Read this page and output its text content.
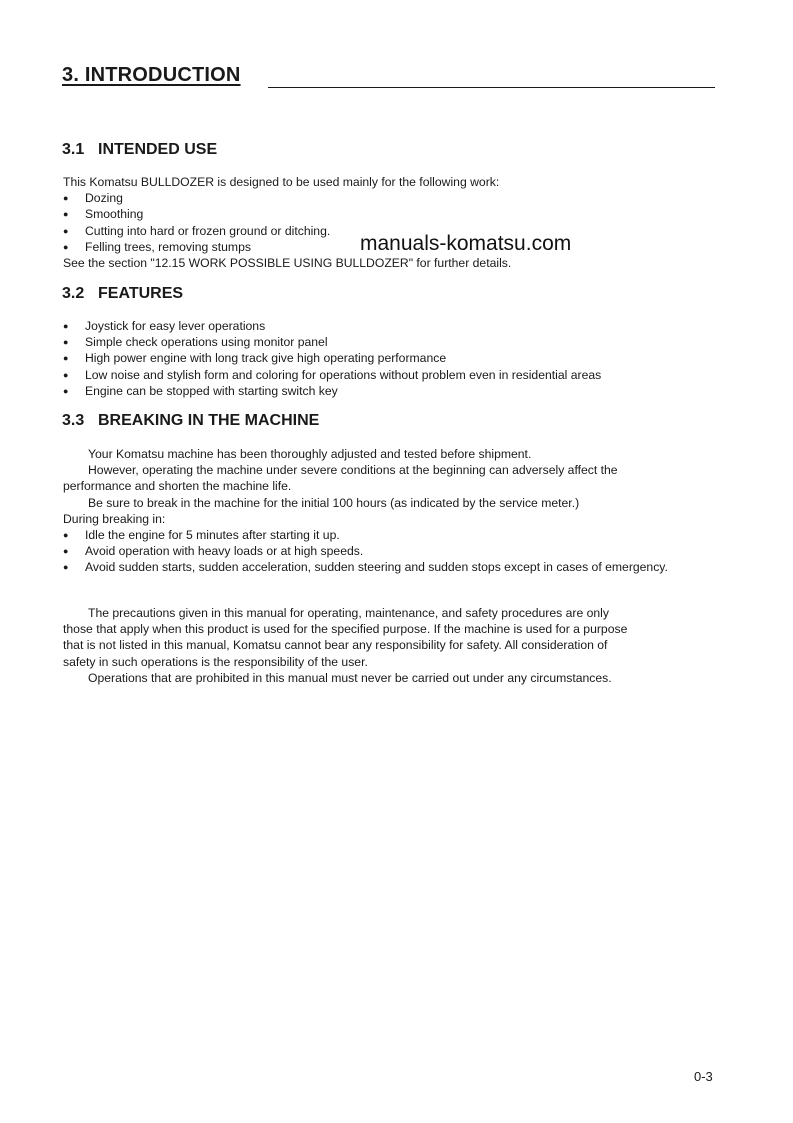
3. INTRODUCTION
3.1 INTENDED USE
This Komatsu BULLDOZER is designed to be used mainly for the following work:
●	Dozing
●	Smoothing
●	Cutting into hard or frozen ground or ditching.
●	Felling trees, removing stumps
See the section "12.15 WORK POSSIBLE USING BULLDOZER" for further details.
manuals-komatsu.com
3.2 FEATURES
●	Joystick for easy lever operations
●	Simple check operations using monitor panel
●	High power engine with long track give high operating performance
●	Low noise and stylish form and coloring for operations without problem even in residential areas
●	Engine can be stopped with starting switch key
3.3 BREAKING IN THE MACHINE
Your Komatsu machine has been thoroughly adjusted and tested before shipment.
However, operating the machine under severe conditions at the beginning can adversely affect the
performance and shorten the machine life.
Be sure to break in the machine for the initial 100 hours (as indicated by the service meter.)
During breaking in:
●	Idle the engine for 5 minutes after starting it up.
●	Avoid operation with heavy loads or at high speeds.
●	Avoid sudden starts, sudden acceleration, sudden steering and sudden stops except in cases of emergency.
The precautions given in this manual for operating, maintenance, and safety procedures are only
those that apply when this product is used for the specified purpose. If the machine is used for a purpose
that is not listed in this manual, Komatsu cannot bear any responsibility for safety. All consideration of
safety in such operations is the responsibility of the user.
Operations that are prohibited in this manual must never be carried out under any circumstances.
0-3
